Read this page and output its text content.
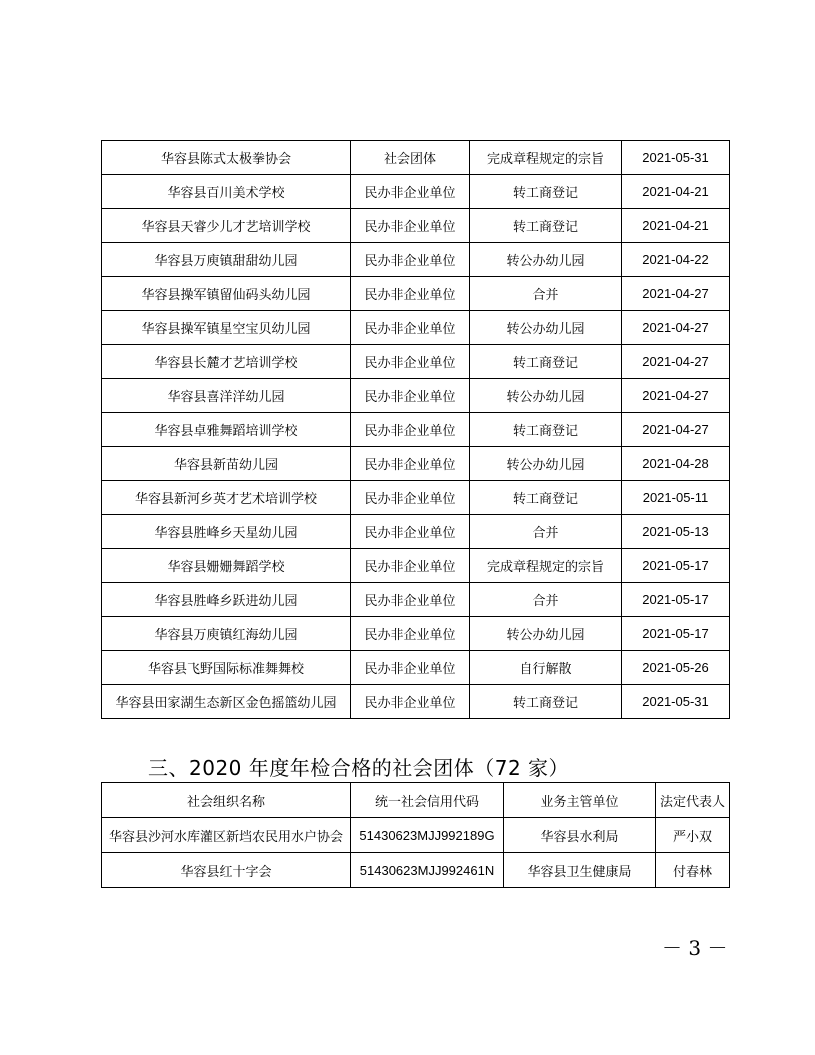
华容县陈式太极拳协会	社会团体	完成章程规定的宗旨	2021-05-31
华容县百川美术学校	民办非企业单位	转工商登记	2021-04-21
华容县天睿少儿才艺培训学校	民办非企业单位	转工商登记	2021-04-21
华容县万庾镇甜甜幼儿园	民办非企业单位	转公办幼儿园	2021-04-22
华容县操军镇留仙码头幼儿园	民办非企业单位	合并	2021-04-27
华容县操军镇星空宝贝幼儿园	民办非企业单位	转公办幼儿园	2021-04-27
华容县长麓才艺培训学校	民办非企业单位	转工商登记	2021-04-27
华容县喜洋洋幼儿园	民办非企业单位	转公办幼儿园	2021-04-27
华容县卓雅舞蹈培训学校	民办非企业单位	转工商登记	2021-04-27
华容县新苗幼儿园	民办非企业单位	转公办幼儿园	2021-04-28
华容县新河乡英才艺术培训学校	民办非企业单位	转工商登记	2021-05-11
华容县胜峰乡天星幼儿园	民办非企业单位	合并	2021-05-13
华容县姗姗舞蹈学校	民办非企业单位	完成章程规定的宗旨	2021-05-17
华容县胜峰乡跃进幼儿园	民办非企业单位	合并	2021-05-17
华容县万庾镇红海幼儿园	民办非企业单位	转公办幼儿园	2021-05-17
华容县飞野国际标准舞舞校	民办非企业单位	自行解散	2021-05-26
华容县田家湖生态新区金色摇篮幼儿园	民办非企业单位	转工商登记	2021-05-31
三、2020 年度年检合格的社会团体（72 家）
社会组织名称	统一社会信用代码	业务主管单位	法定代表人
华容县沙河水库灌区新垱农民用水户协会	51430623MJJ992189G	华容县水利局	严小双
华容县红十字会	51430623MJJ992461N	华容县卫生健康局	付春林
－ 3 －
